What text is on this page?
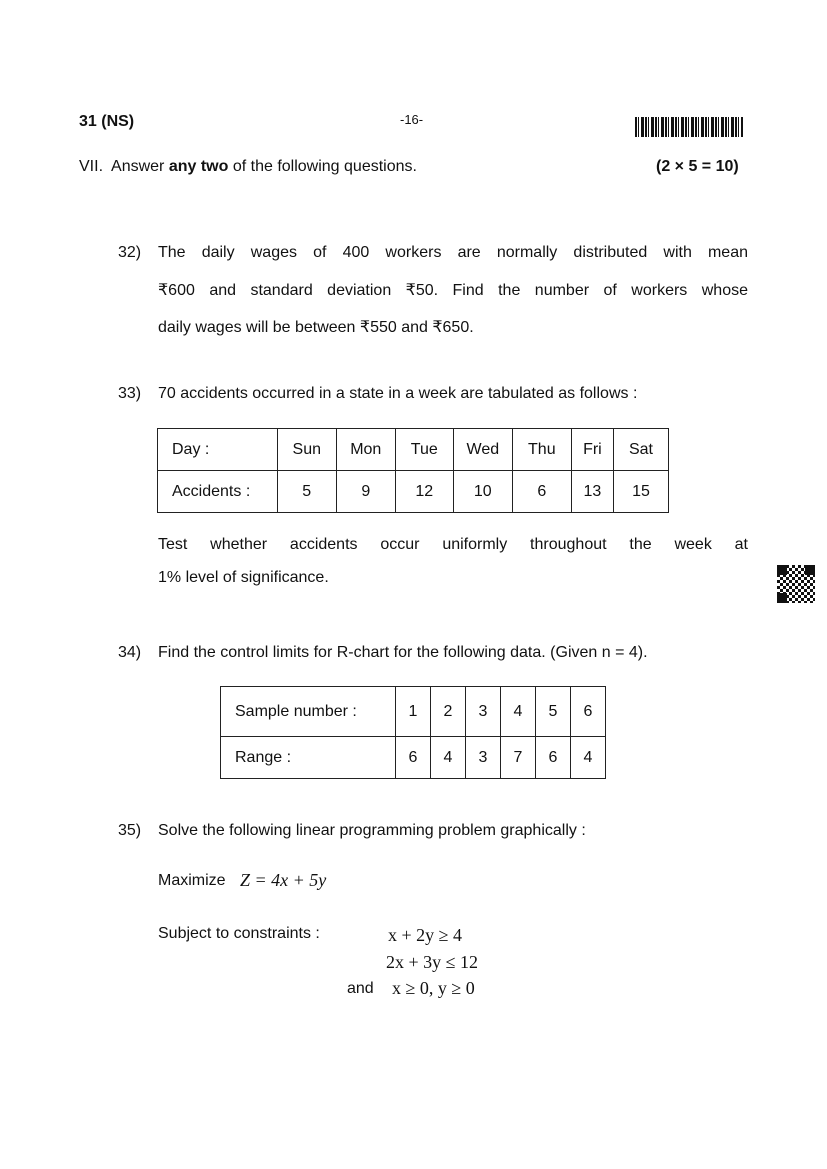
31 (NS)	-16-
VII. Answer any two of the following questions.	(2 × 5 = 10)
32) The daily wages of 400 workers are normally distributed with mean
₹600 and standard deviation ₹50. Find the number of workers whose
daily wages will be between ₹550 and ₹650.
33) 70 accidents occurred in a state in a week are tabulated as follows :
Day :	Sun	Mon	Tue	Wed	Thu	Fri	Sat
Accidents :	5	9	12	10	6	13	15
Test whether accidents occur uniformly throughout the week at
1% level of significance.
34) Find the control limits for R-chart for the following data. (Given n = 4).
Sample number :	1	2	3	4	5	6
Range :	6	4	3	7	6	4
35) Solve the following linear programming problem graphically :
Maximize Z = 4x + 5y
Subject to constraints :	x + 2y ≥ 4
2x + 3y ≤ 12
and x ≥ 0, y ≥ 0
